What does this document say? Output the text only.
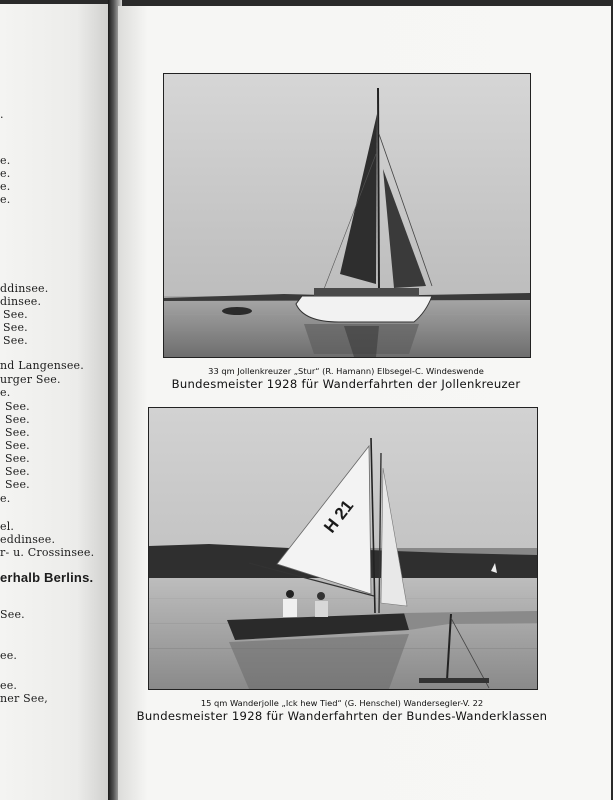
.
e.
e.
e.
e.
ddinsee.
dinsee.
See.
See.
See.
nd Langensee.
urger See.
e.
See.
See.
See.
See.
See.
See.
See.
e.
el.
eddinsee.
r- u. Crossinsee.
erhalb Berlins.
See.
ee.
ee.
ner See,
33 qm Jollenkreuzer „Stur“ (R. Hamann) Elbsegel-C. Windeswende
Bundesmeister 1928 für Wanderfahrten der Jollenkreuzer
H 21
15 qm Wanderjolle „Ick hew Tied“ (G. Henschel) Wandersegler-V. 22
Bundesmeister 1928 für Wanderfahrten der Bundes-Wanderklassen
